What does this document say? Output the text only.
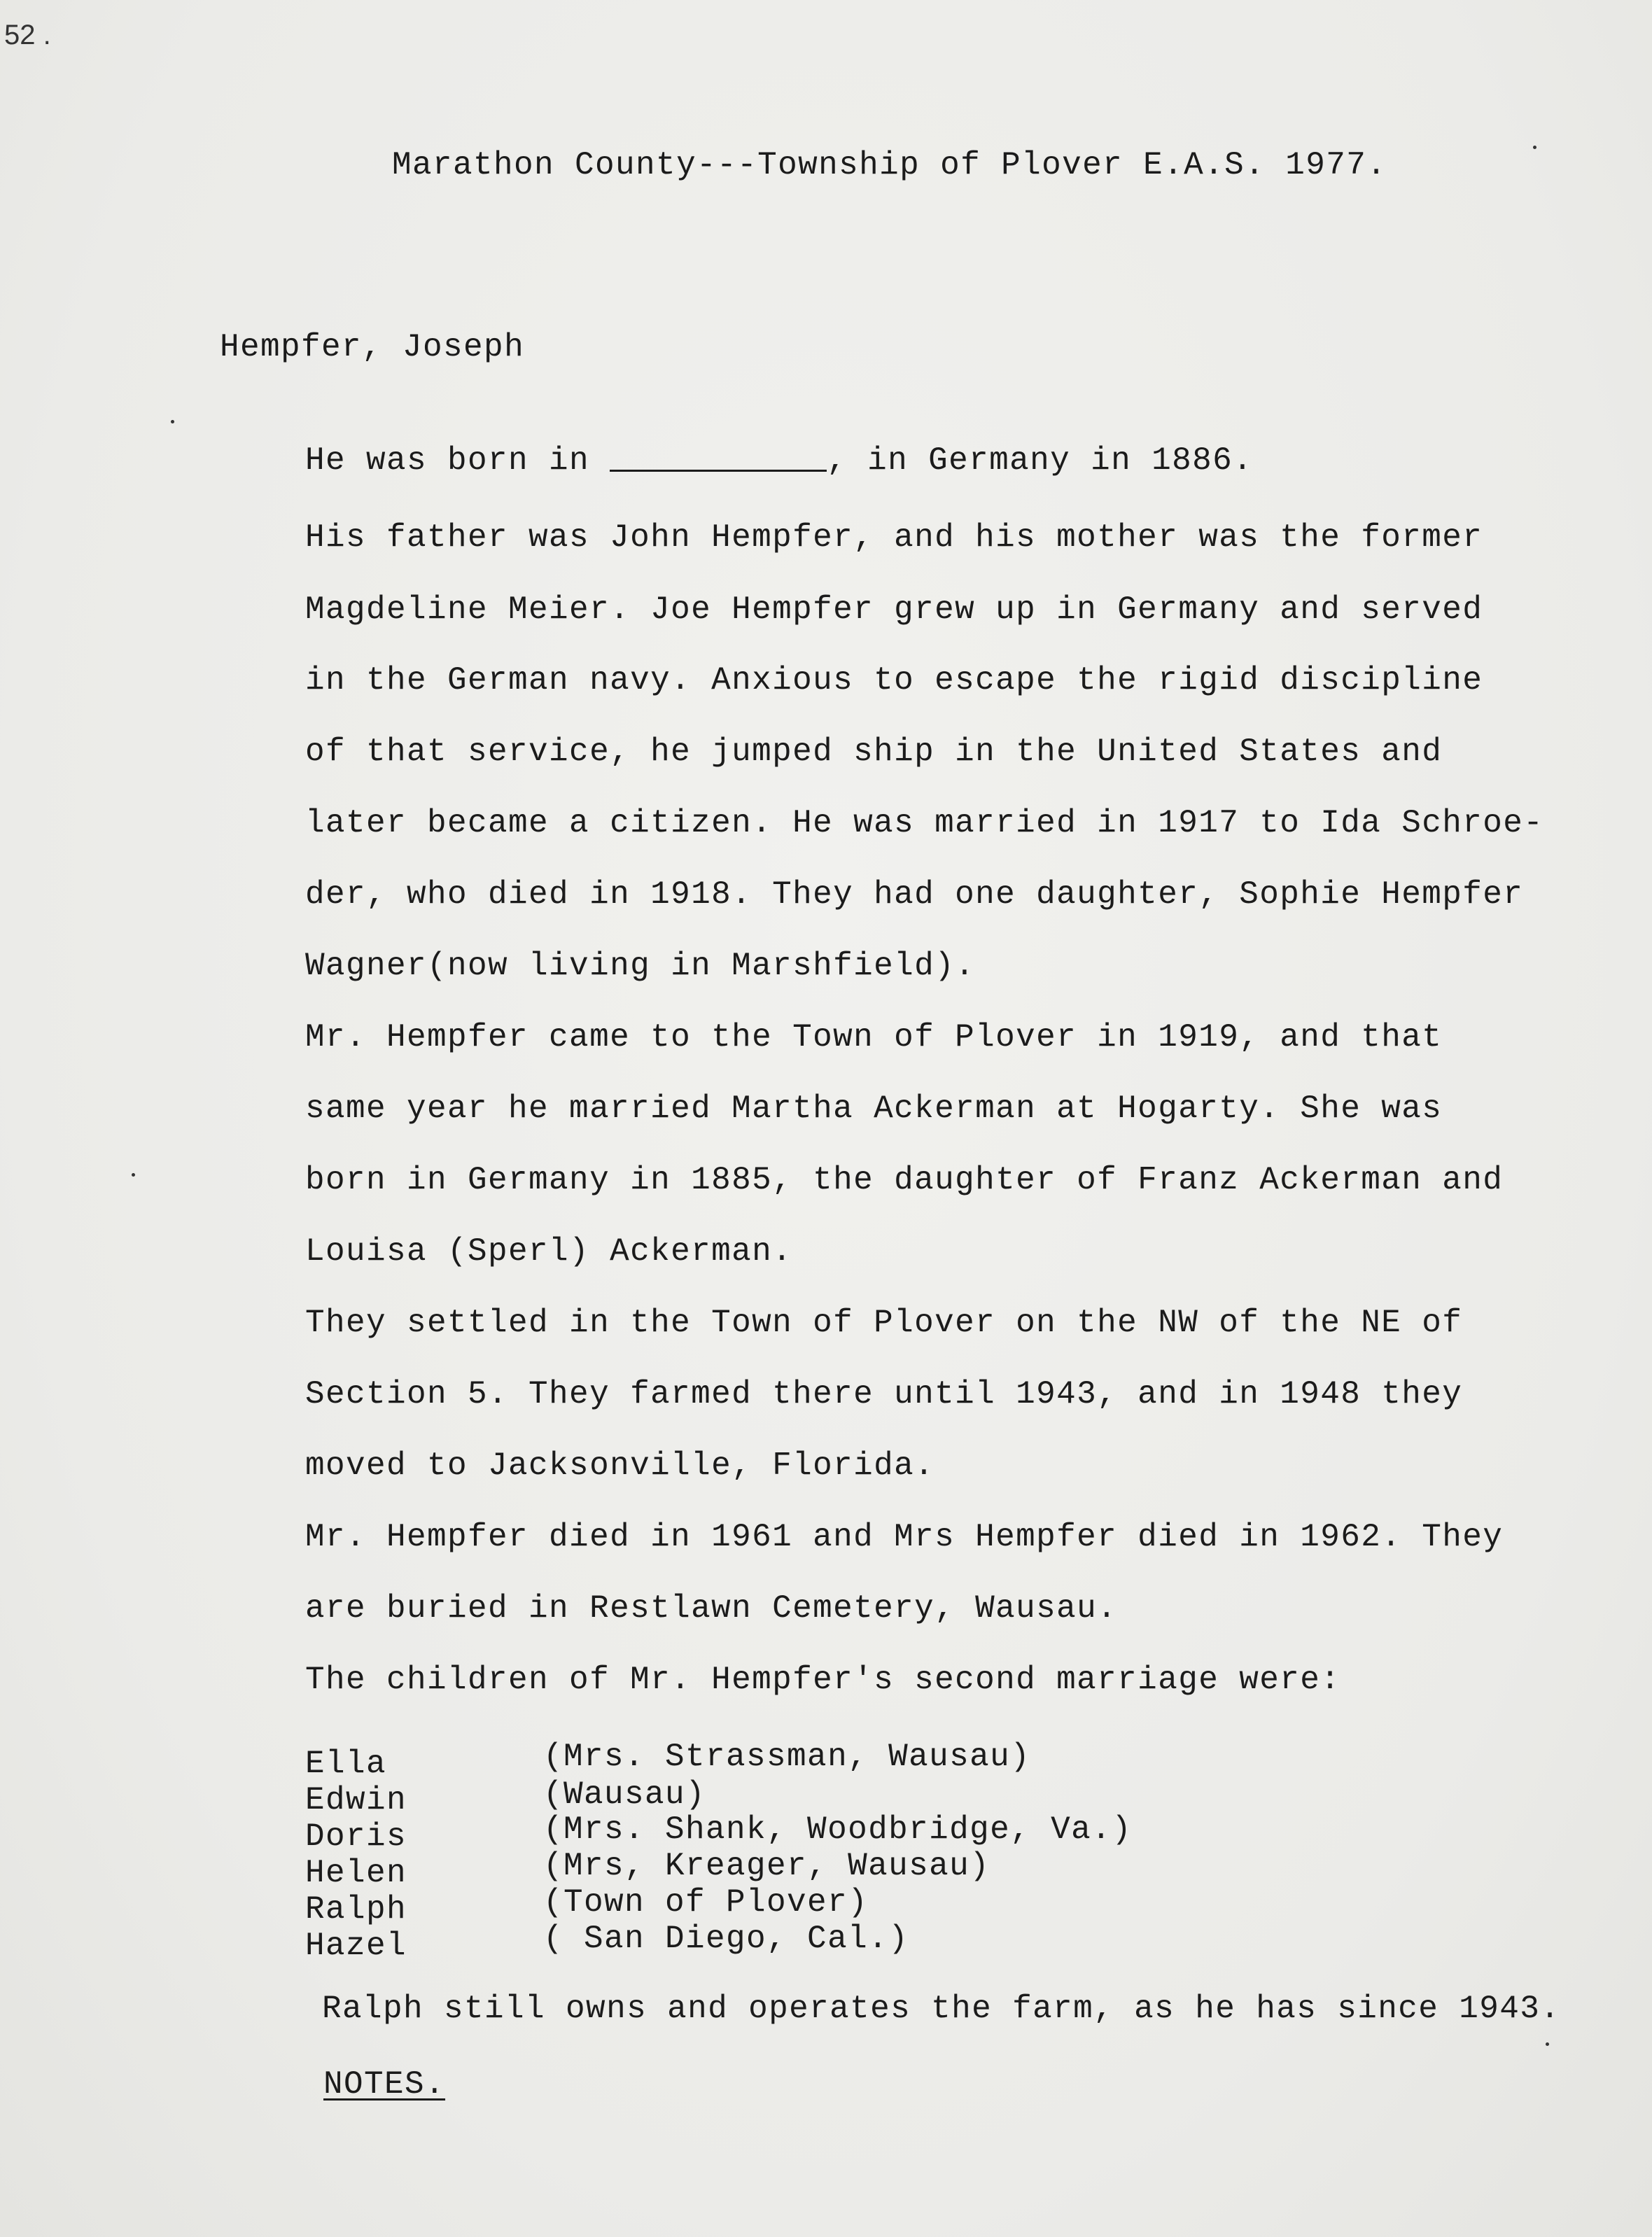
52 .
Marathon County---Township of Plover E.A.S. 1977.
Hempfer, Joseph
He was born in	, in Germany in 1886.
His father was John Hempfer, and his mother was the former
Magdeline Meier. Joe Hempfer grew up in Germany and served
in the German navy. Anxious to escape the rigid discipline
of that service, he jumped ship in the United States and
later became a citizen. He was married in 1917 to Ida Schroe-
der, who died in 1918. They had one daughter, Sophie Hempfer
Wagner(now living in Marshfield).
Mr. Hempfer came to the Town of Plover in 1919, and that
same year he married Martha Ackerman at Hogarty. She was
born in Germany in 1885, the daughter of Franz Ackerman and
Louisa (Sperl) Ackerman.
They settled in the Town of Plover on the NW of the NE of
Section 5. They farmed there until 1943, and in 1948 they
moved to Jacksonville, Florida.
Mr. Hempfer died in 1961 and Mrs Hempfer died in 1962. They
are buried in Restlawn Cemetery, Wausau.
The children of Mr. Hempfer's second marriage were:
Ella	(Mrs. Strassman, Wausau)
Edwin	(Wausau)
Doris	(Mrs. Shank, Woodbridge, Va.)
Helen	(Mrs, Kreager, Wausau)
Ralph	(Town of Plover)
Hazel	( San Diego, Cal.)
Ralph still owns and operates the farm, as he has since 1943.
NOTES.
